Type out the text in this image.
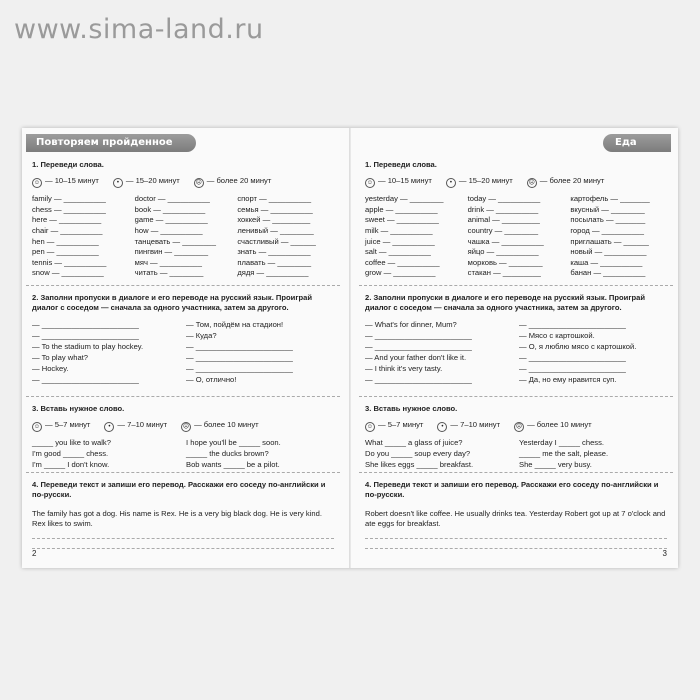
www.sima-land.ru
Повторяем пройденное
1. Переведи слова.
☺ — 10–15 минут	• — 15–20 минут	☹ — более 20 минут
family — __________	doctor — __________	спорт — __________
chess — __________	book — __________	семья — __________
here — __________	game — __________	хоккей — _________
chair — __________	how — __________	ленивый — ________
hen — __________	танцевать — ________	счастливый — ______
pen — __________	пингвин — ________	знать — __________
tennis — __________	мяч — __________	плавать — ________
snow — __________	читать — ________	дядя — __________
2. Заполни пропуски в диалоге и его переводе на русский язык. Проиграй диалог с соседом — сначала за одного участника, затем за другого.
— _______________________	— Том, пойдём на стадион!
— _______________________	— Куда?
— To the stadium to play hockey.	— _______________________
— To play what?	— _______________________
— Hockey.	— _______________________
— _______________________	— О, отлично!
3. Вставь нужное слово.
☺ — 5–7 минут	• — 7–10 минут	☹ — более 10 минут
_____ you like to walk?	I hope you'll be _____ soon.
I'm good _____ chess.	_____ the ducks brown?
I'm _____ I don't know.	Bob wants _____ be a pilot.
4. Переведи текст и запиши его перевод. Расскажи его соседу по-английски и по-русски.
The family has got a dog. His name is Rex. He is a very big black dog. He is very kind. Rex likes to swim.
2
Еда
1. Переведи слова.
☺ — 10–15 минут	• — 15–20 минут	☹ — более 20 минут
yesterday — ________	today — __________	картофель — _______
apple — __________	drink — __________	вкусный — ________
sweet — __________	animal — _________	посылать — _______
milk — __________	country — ________	город — __________
juice — __________	чашка — __________	приглашать — ______
salt — __________	яйцо — __________	новый — __________
coffee — __________	морковь — ________	каша — __________
grow — __________	стакан — _________	банан — __________
2. Заполни пропуски в диалоге и его переводе на русский язык. Проиграй диалог с соседом — сначала за одного участника, затем за другого.
— What's for dinner, Mum?	— _______________________
— _______________________	— Мясо с картошкой.
— _______________________	— О, я люблю мясо с картошкой.
— And your father don't like it.	— _______________________
— I think it's very tasty.	— _______________________
— _______________________	— Да, но ему нравится суп.
3. Вставь нужное слово.
☺ — 5–7 минут	• — 7–10 минут	☹ — более 10 минут
What _____ a glass of juice?	Yesterday I _____ chess.
Do you _____ soup every day?	_____ me the salt, please.
She likes eggs _____ breakfast.	She _____ very busy.
4. Переведи текст и запиши его перевод. Расскажи его соседу по-английски и по-русски.
Robert doesn't like coffee. He usually drinks tea. Yesterday Robert got up at 7 o'clock and ate eggs for breakfast.
3
